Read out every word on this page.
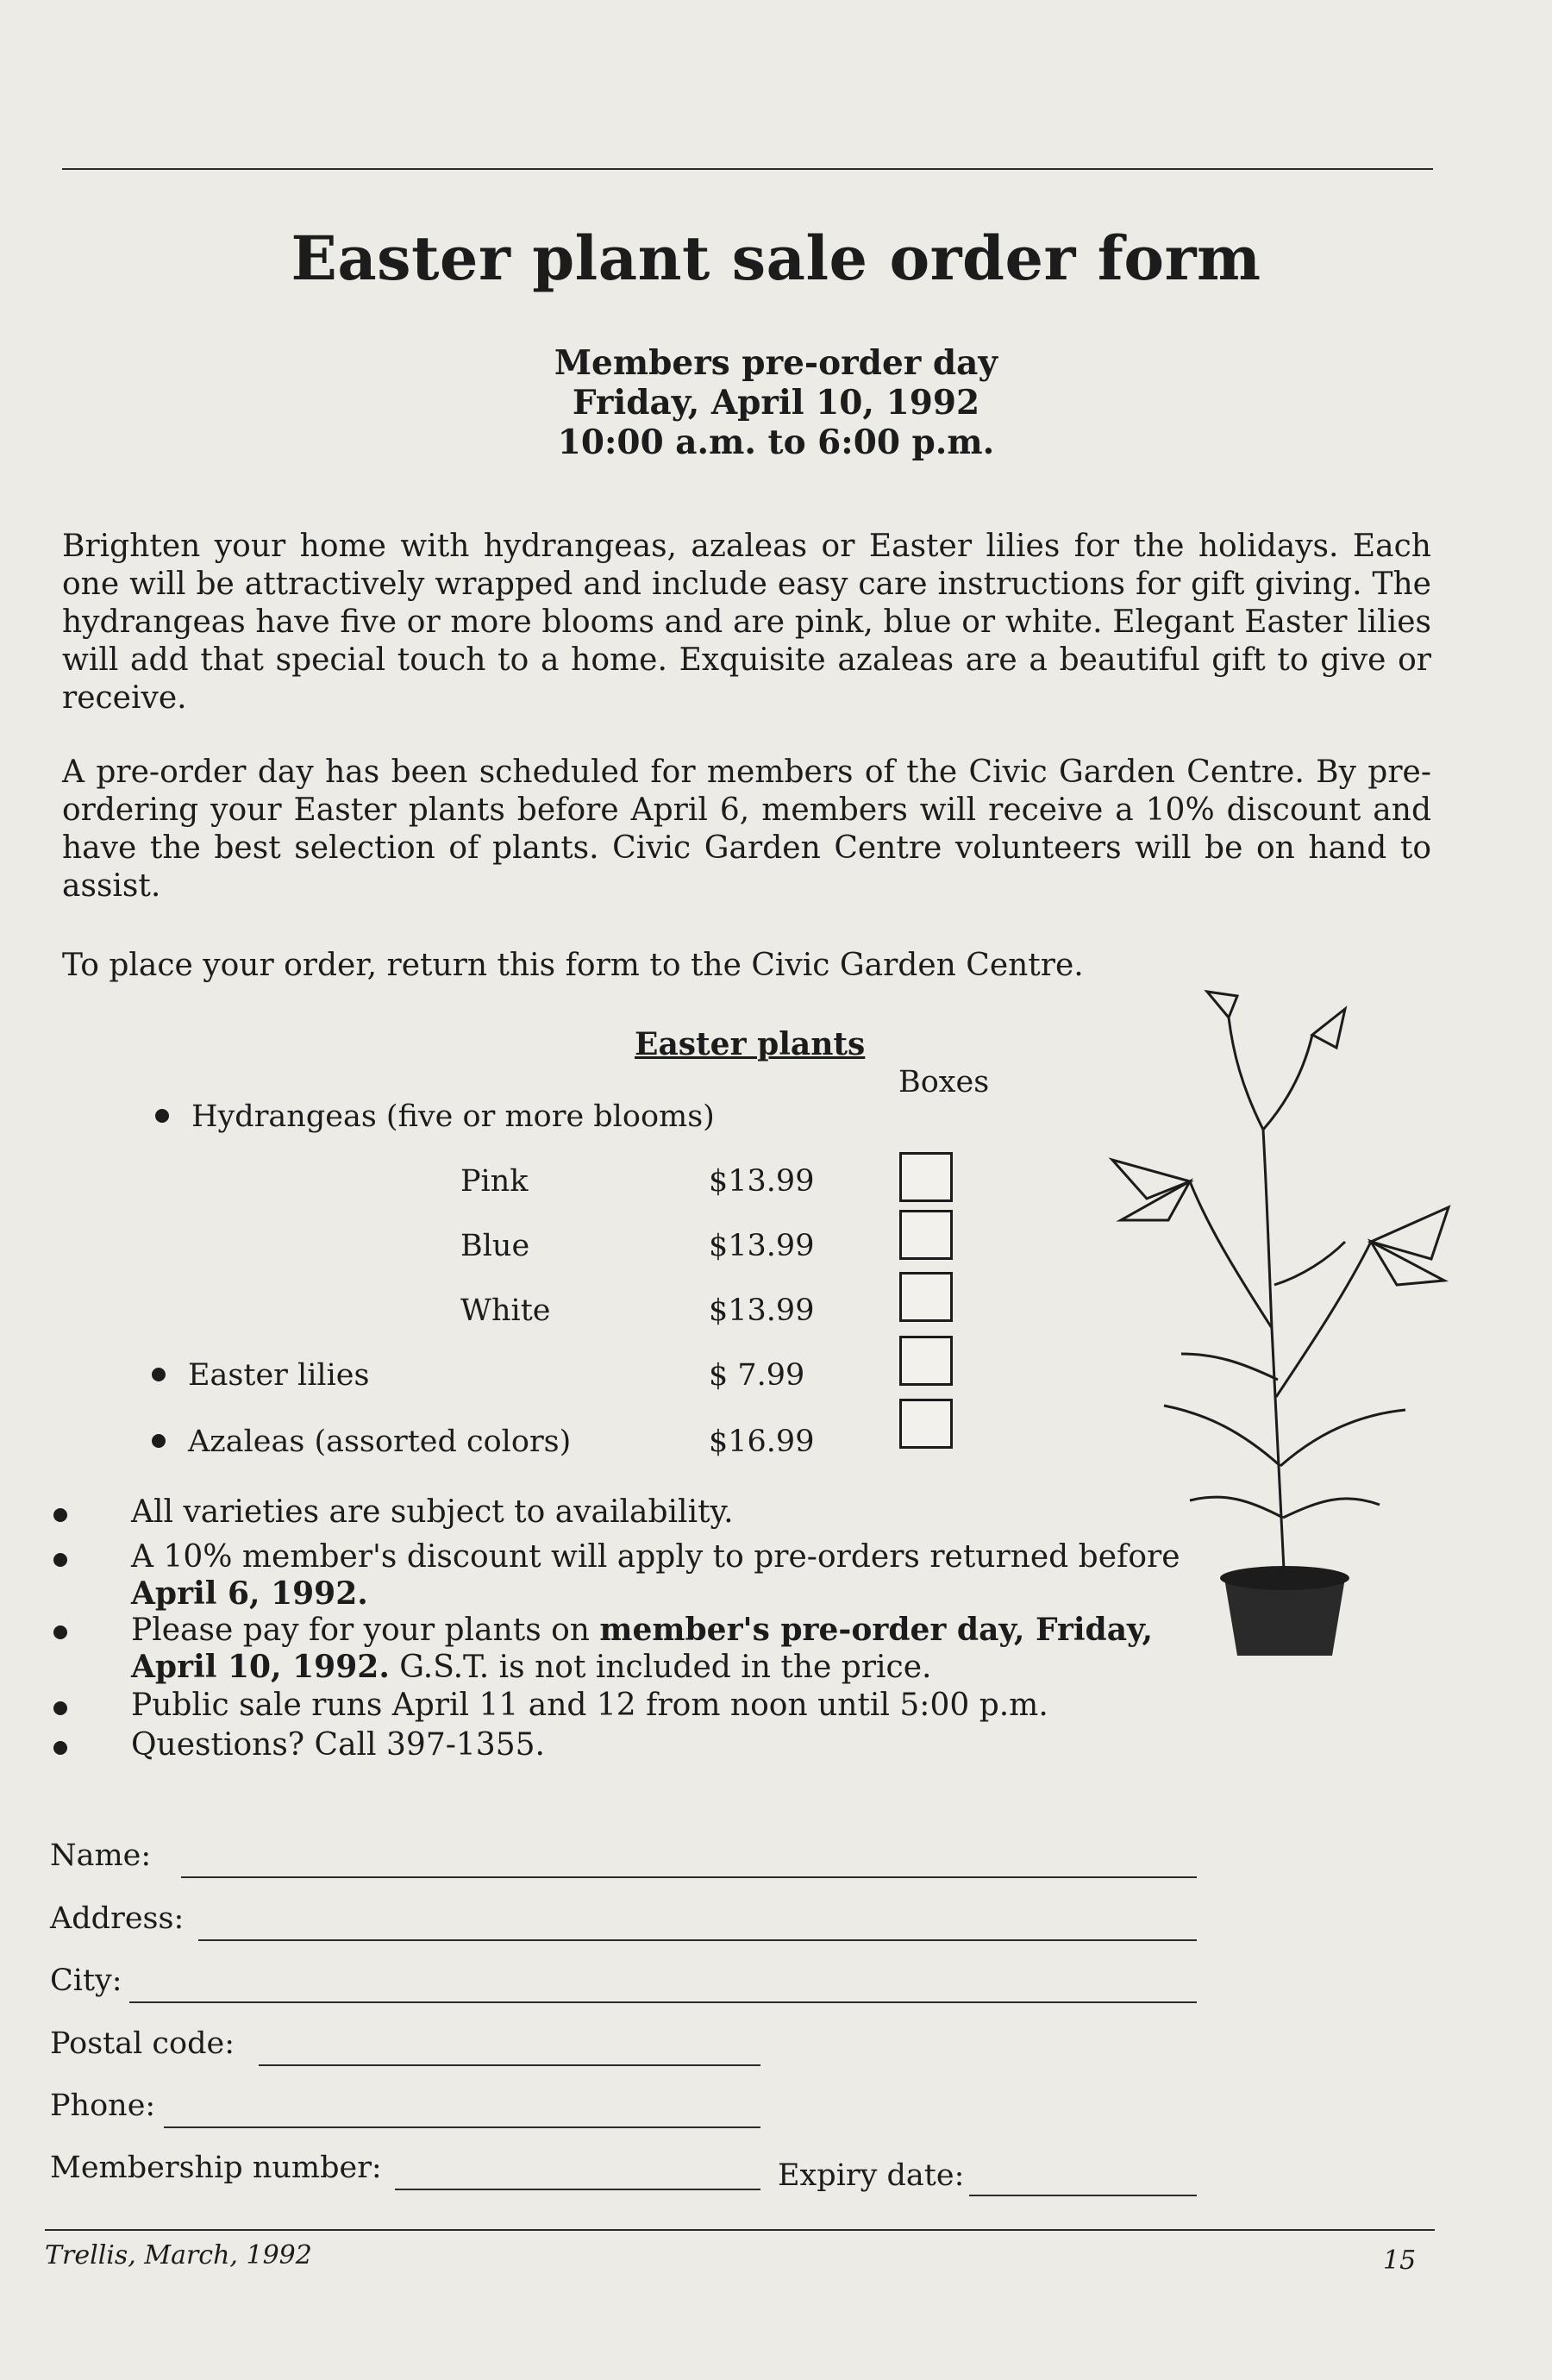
Easter plant sale order form
Members pre-order day
Friday, April 10, 1992
10:00 a.m. to 6:00 p.m.
Brighten your home with hydrangeas, azaleas or Easter lilies for the holidays. Each one will be attractively wrapped and include easy care instructions for gift giving. The hydrangeas have five or more blooms and are pink, blue or white. Elegant Easter lilies will add that special touch to a home. Exquisite azaleas are a beautiful gift to give or receive.
A pre-order day has been scheduled for members of the Civic Garden Centre. By pre-ordering your Easter plants before April 6, members will receive a 10% discount and have the best selection of plants. Civic Garden Centre volunteers will be on hand to assist.
To place your order, return this form to the Civic Garden Centre.
Easter plants
Boxes
Hydrangeas (five or more blooms)
Pink	$13.99
Blue	$13.99
White	$13.99
Easter lilies	$ 7.99
Azaleas (assorted colors)	$16.99
All varieties are subject to availability.
A 10% member's discount will apply to pre-orders returned before April 6, 1992.
Please pay for your plants on member's pre-order day, Friday, April 10, 1992. G.S.T. is not included in the price.
Public sale runs April 11 and 12 from noon until 5:00 p.m.
Questions? Call 397-1355.
Name:
Address:
City:
Postal code:
Phone:
Membership number:	Expiry date:
Trellis, March, 1992	15
